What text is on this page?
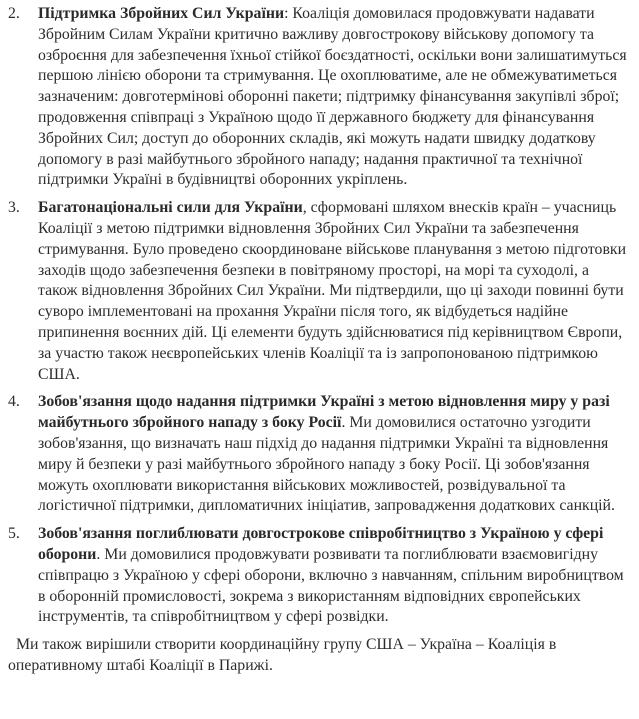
2.	Підтримка Збройних Сил України: Коаліція домовилася продовжувати надавати Збройним Силам України критично важливу довгострокову військову допомогу та озброєння для забезпечення їхньої стійкої боєздатності, оскільки вони залишатимуться першою лінією оборони та стримування. Це охоплюватиме, але не обмежуватиметься зазначеним: довготермінові оборонні пакети; підтримку фінансування закупівлі зброї; продовження співпраці з Україною щодо її державного бюджету для фінансування Збройних Сил; доступ до оборонних складів, які можуть надати швидку додаткову допомогу в разі майбутнього збройного нападу; надання практичної та технічної підтримки Україні в будівництві оборонних укріплень.
3.	Багатонаціональні сили для України, сформовані шляхом внесків країн – учасниць Коаліції з метою підтримки відновлення Збройних Сил України та забезпечення стримування. Було проведено скоординоване військове планування з метою підготовки заходів щодо забезпечення безпеки в повітряному просторі, на морі та суходолі, а також відновлення Збройних Сил України. Ми підтвердили, що ці заходи повинні бути суворо імплементовані на прохання України після того, як відбудеться надійне припинення воєнних дій. Ці елементи будуть здійснюватися під керівництвом Європи, за участю також неєвропейських членів Коаліції та із запропонованою підтримкою США.
4.	Зобов'язання щодо надання підтримки Україні з метою відновлення миру у разі майбутнього збройного нападу з боку Росії. Ми домовилися остаточно узгодити зобов'язання, що визначать наш підхід до надання підтримки Україні та відновлення миру й безпеки у разі майбутнього збройного нападу з боку Росії. Ці зобов'язання можуть охоплювати використання військових можливостей, розвідувальної та логістичної підтримки, дипломатичних ініціатив, запровадження додаткових санкцій.
5.	Зобов'язання поглиблювати довгострокове співробітництво з Україною у сфері оборони. Ми домовилися продовжувати розвивати та поглиблювати взаємовигідну співпрацю з Україною у сфері оборони, включно з навчанням, спільним виробництвом в оборонній промисловості, зокрема з використанням відповідних європейських інструментів, та співробітництвом у сфері розвідки.

Ми також вирішили створити координаційну групу США – Україна – Коаліція в оперативному штабі Коаліції в Парижі.
